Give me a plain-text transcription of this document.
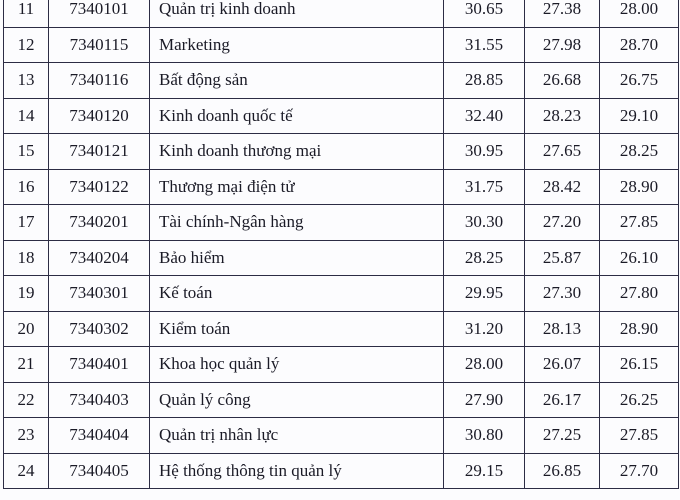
11	7340101	Quản trị kinh doanh	30.65	27.38	28.00
12	7340115	Marketing	31.55	27.98	28.70
13	7340116	Bất động sản	28.85	26.68	26.75
14	7340120	Kinh doanh quốc tế	32.40	28.23	29.10
15	7340121	Kinh doanh thương mại	30.95	27.65	28.25
16	7340122	Thương mại điện tử	31.75	28.42	28.90
17	7340201	Tài chính-Ngân hàng	30.30	27.20	27.85
18	7340204	Bảo hiểm	28.25	25.87	26.10
19	7340301	Kế toán	29.95	27.30	27.80
20	7340302	Kiểm toán	31.20	28.13	28.90
21	7340401	Khoa học quản lý	28.00	26.07	26.15
22	7340403	Quản lý công	27.90	26.17	26.25
23	7340404	Quản trị nhân lực	30.80	27.25	27.85
24	7340405	Hệ thống thông tin quản lý	29.15	26.85	27.70
